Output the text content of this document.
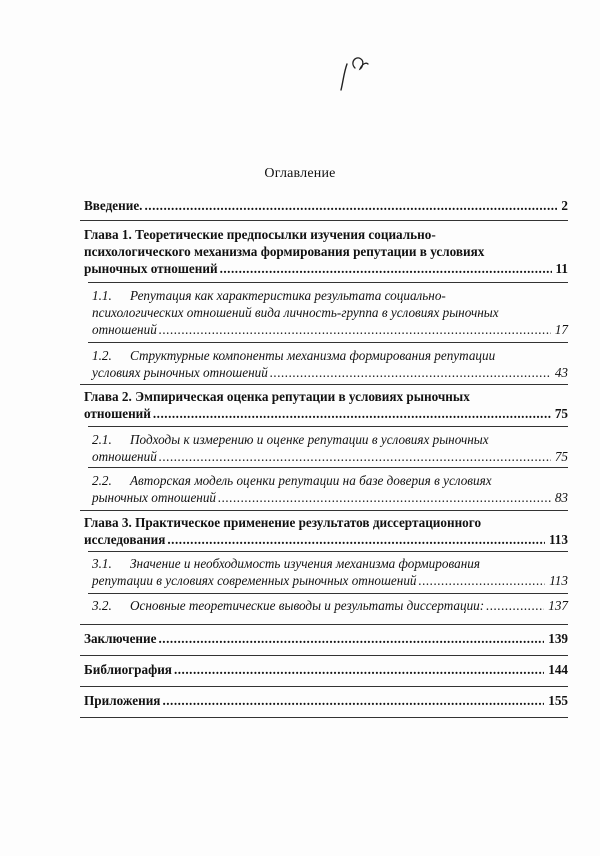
Оглавление
Введение. .....	2
Глава 1. Теоретические предпосылки изучения социально-
психологического механизма формирования репутации в условиях
рыночных отношений .....	11
1.1. Репутация как характеристика результата социально-
психологических отношений вида личность-группа в условиях рыночных
отношений .....	17
1.2. Структурные компоненты механизма формирования репутации
условиях рыночных отношений .....	43
Глава 2. Эмпирическая оценка репутации в условиях рыночных
отношений .....	75
2.1. Подходы к измерению и оценке репутации в условиях рыночных
отношений .....	75
2.2. Авторская модель оценки репутации на базе доверия в условиях
рыночных отношений .....	83
Глава 3. Практическое применение результатов диссертационного
исследования .....	113
3.1. Значение и необходимость изучения механизма формирования
репутации в условиях современных рыночных отношений .....	113
3.2. Основные теоретические выводы и результаты диссертации: .....	137
Заключение .....	139
Библиография .....	144
Приложения .....	155
